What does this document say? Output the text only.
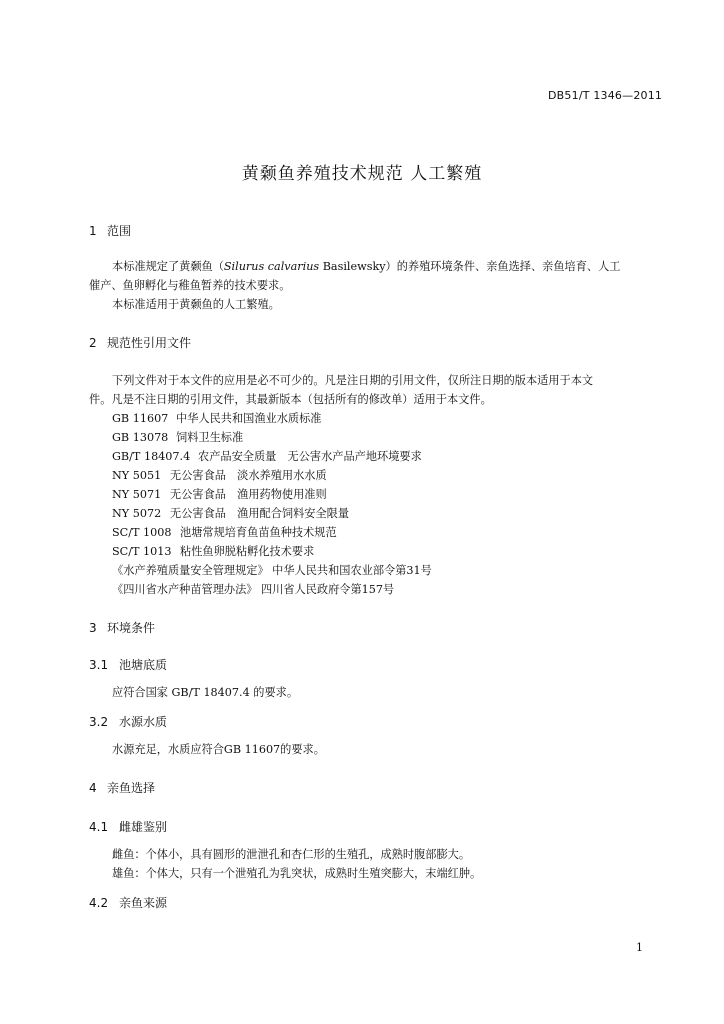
DB51/T 1346—2011
黄颡鱼养殖技术规范 人工繁殖
1 范围
本标准规定了黄颡鱼（Silurus calvarius Basilewsky）的养殖环境条件、亲鱼选择、亲鱼培育、人工
催产、鱼卵孵化与稚鱼暂养的技术要求。
本标准适用于黄颡鱼的人工繁殖。
2 规范性引用文件
下列文件对于本文件的应用是必不可少的。凡是注日期的引用文件，仅所注日期的版本适用于本文
件。凡是不注日期的引用文件，其最新版本（包括所有的修改单）适用于本文件。
GB 11607 中华人民共和国渔业水质标准
GB 13078 饲料卫生标准
GB/T 18407.4 农产品安全质量　无公害水产品产地环境要求
NY 5051 无公害食品　淡水养殖用水水质
NY 5071 无公害食品　渔用药物使用准则
NY 5072 无公害食品　渔用配合饲料安全限量
SC/T 1008 池塘常规培育鱼苗鱼种技术规范
SC/T 1013 粘性鱼卵脱粘孵化技术要求
《水产养殖质量安全管理规定》 中华人民共和国农业部令第31号
《四川省水产种苗管理办法》 四川省人民政府令第157号
3 环境条件
3.1 池塘底质
应符合国家 GB/T 18407.4 的要求。
3.2 水源水质
水源充足，水质应符合GB 11607的要求。
4 亲鱼选择
4.1 雌雄鉴别
雌鱼：个体小，具有圆形的泄泄孔和杏仁形的生殖孔，成熟时腹部膨大。
雄鱼：个体大，只有一个泄殖孔为乳突状，成熟时生殖突膨大，末端红肿。
4.2 亲鱼来源
1
